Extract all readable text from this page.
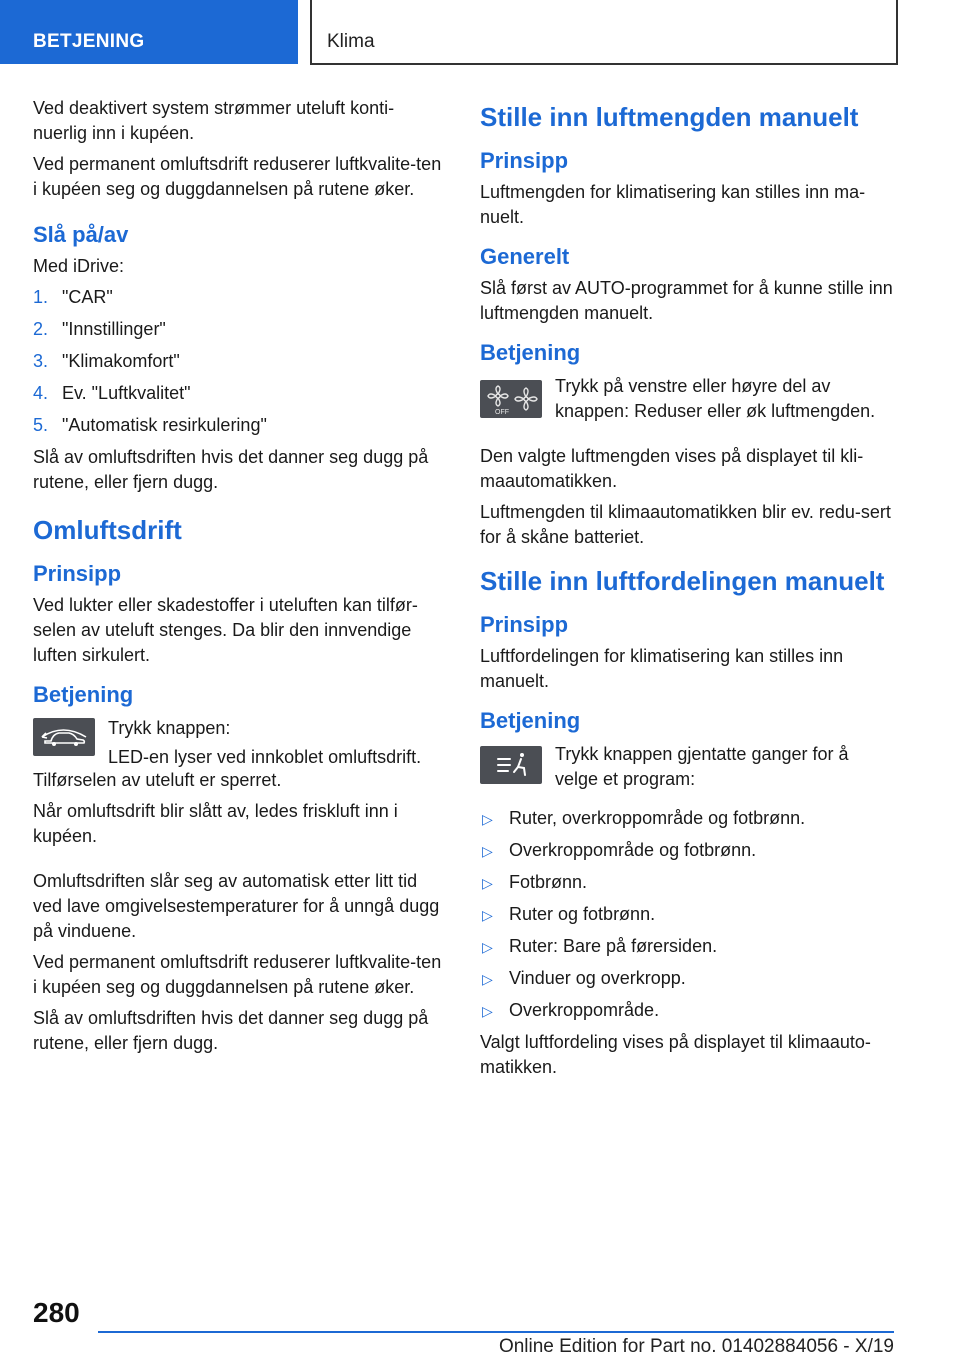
BETJENING	Klima

Ved deaktivert system strømmer uteluft konti-nuerlig inn i kupéen.

Ved permanent omluftsdrift reduserer luftkvalite-ten i kupéen seg og duggdannelsen på rutene øker.

Slå på/av

Med iDrive:

1. "CAR"
2. "Innstillinger"
3. "Klimakomfort"
4. Ev. "Luftkvalitet"
5. "Automatisk resirkulering"

Slå av omluftsdriften hvis det danner seg dugg på rutene, eller fjern dugg.

Omluftsdrift
Prinsipp

Ved lukter eller skadestoffer i uteluften kan tilfør-selen av uteluft stenges. Da blir den innvendige luften sirkulert.

Betjening

Trykk knappen:

LED-en lyser ved innkoblet omluftsdrift.

Tilførselen av uteluft er sperret.

Når omluftsdrift blir slått av, ledes friskluft inn i kupéen.

Omluftsdriften slår seg av automatisk etter litt tid ved lave omgivelsestemperaturer for å unngå dugg på vinduene.

Ved permanent omluftsdrift reduserer luftkvalite-ten i kupéen seg og duggdannelsen på rutene øker.

Slå av omluftsdriften hvis det danner seg dugg på rutene, eller fjern dugg.

Stille inn luftmengden manuelt
Prinsipp

Luftmengden for klimatisering kan stilles inn ma-nuelt.

Generelt

Slå først av AUTO-programmet for å kunne stille inn luftmengden manuelt.

Betjening
OFF

Trykk på venstre eller høyre del av knappen: Reduser eller øk luftmengden.

Den valgte luftmengden vises på displayet til kli-maautomatikken.

Luftmengden til klimaautomatikken blir ev. redu-sert for å skåne batteriet.

Stille inn luftfordelingen manuelt
Prinsipp

Luftfordelingen for klimatisering kan stilles inn manuelt.

Betjening

Trykk knappen gjentatte ganger for å velge et program:

▷ Ruter, overkroppområde og fotbrønn.
▷ Overkroppområde og fotbrønn.
▷ Fotbrønn.
▷ Ruter og fotbrønn.
▷ Ruter: Bare på førersiden.
▷ Vinduer og overkropp.
▷ Overkroppområde.

Valgt luftfordeling vises på displayet til klimaauto-matikken.

280
Online Edition for Part no. 01402884056 - X/19
